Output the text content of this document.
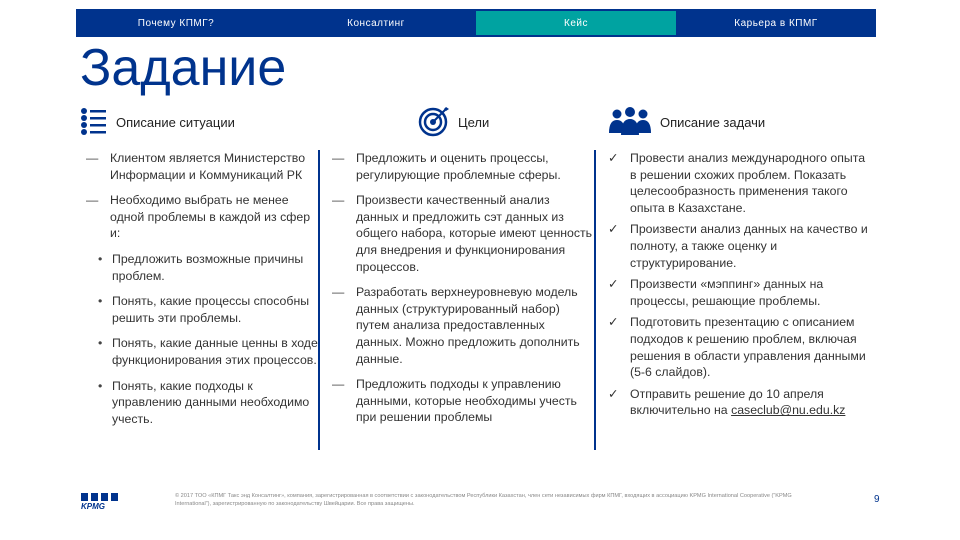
Почему КПМГ?	Консалтинг	Кейс	Карьера в КПМГ
Задание
Описание ситуации	Цели	Описание задачи
— Клиентом является Министерство Информации и Коммуникаций РК
— Необходимо выбрать не менее одной проблемы в каждой из сфер и:
• Предложить возможные причины проблем.
• Понять, какие процессы способны решить эти проблемы.
• Понять, какие данные ценны в ходе функционирования этих процессов.
• Понять, какие подходы к управлению данными необходимо учесть.
— Предложить и оценить процессы, регулирующие проблемные сферы.
— Произвести качественный анализ данных и предложить сэт данных из общего набора, которые имеют ценность для внедрения и функционирования процессов.
— Разработать верхнеуровневую модель данных (структурированный набор) путем анализа предоставленных данных. Можно предложить дополнить данные.
— Предложить подходы к управлению данными, которые необходимы учесть при решении проблемы
✓ Провести анализ международного опыта в решении схожих проблем. Показать целесообразность применения такого опыта в Казахстане.
✓ Произвести анализ данных на качество и полноту, а также оценку и структурирование.
✓ Произвести «мэппинг» данных на процессы, решающие проблемы.
✓ Подготовить презентацию с описанием подходов к решению проблем, включая решения в области управления данными (5-6 слайдов).
✓ Отправить решение до 10 апреля включительно на caseclub@nu.edu.kz
KPMG
© 2017 ТОО «КПМГ Такс энд Консалтинг», компания, зарегистрированная в соответствии с законодательством Республики Казахстан, член сети независимых фирм КПМГ, входящих в ассоциацию KPMG International Cooperative (“KPMG International”), зарегистрированную по законодательству Швейцарии. Все права защищены.	9
